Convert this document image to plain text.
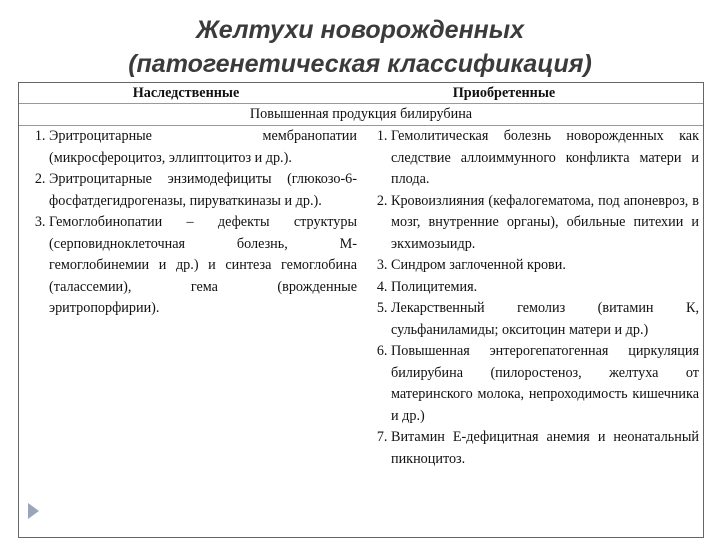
Желтухи новорожденных
(патогенетическая классификация)
Наследственные	Приобретенные
Повышенная продукция билирубина
1. Эритроцитарные мембранопатии (микросфероцитоз, эллиптоцитоз и др.).
2. Эритроцитарные энзимодефициты (глюкозо-6-фосфатдегидрогеназы, пируваткиназы и др.).
3. Гемоглобинопатии – дефекты структуры (серповидноклеточная болезнь, М-гемоглобинемии и др.) и синтеза гемоглобина (талассемии), гема (врожденные эритропорфирии).
1. Гемолитическая болезнь новорожденных как следствие аллоиммунного конфликта матери и плода.
2. Кровоизлияния (кефалогематома, под апоневроз, в мозг, внутренние органы), обильные питехии и экхимозыидр.
3. Синдром заглоченной крови.
4. Полицитемия.
5. Лекарственный гемолиз (витамин К, сульфаниламиды; окситоцин матери и др.)
6. Повышенная энтерогепатогенная циркуляция билирубина (пилоростеноз, желтуха от материнского молока, непроходимость кишечника и др.)
7. Витамин Е-дефицитная анемия и неонатальный пикноцитоз.
